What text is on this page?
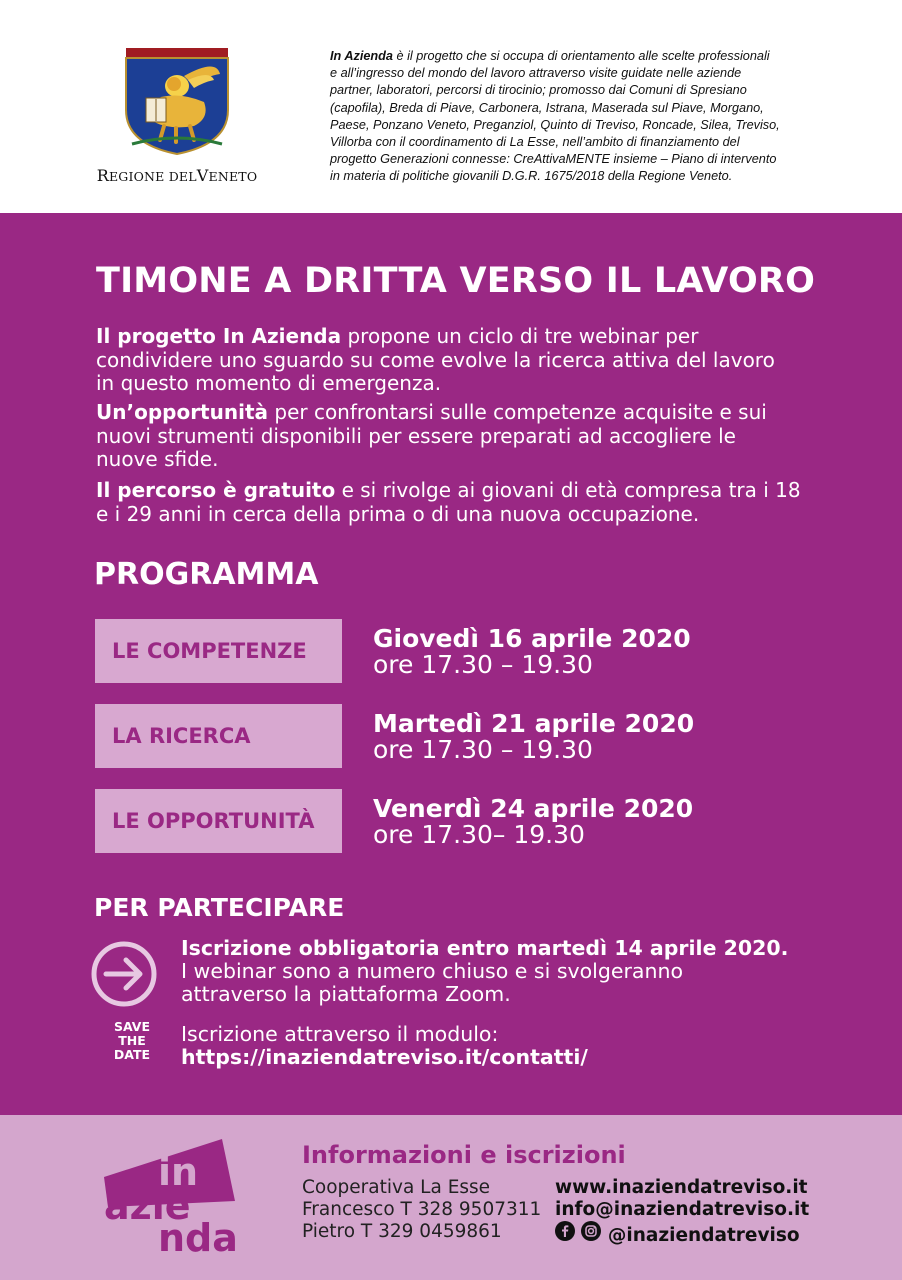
REGIONE DELVENETO
In Azienda è il progetto che si occupa di orientamento alle scelte professionali
e all’ingresso del mondo del lavoro attraverso visite guidate nelle aziende
partner, laboratori, percorsi di tirocinio; promosso dai Comuni di Spresiano
(capofila), Breda di Piave, Carbonera, Istrana, Maserada sul Piave, Morgano,
Paese, Ponzano Veneto, Preganziol, Quinto di Treviso, Roncade, Silea, Treviso,
Villorba con il coordinamento di La Esse, nell’ambito di finanziamento del
progetto Generazioni connesse: CreAttivaMENTE insieme – Piano di intervento
in materia di politiche giovanili D.G.R. 1675/2018 della Regione Veneto.
TIMONE A DRITTA VERSO IL LAVORO

Il progetto In Azienda propone un ciclo di tre webinar per
condividere uno sguardo su come evolve la ricerca attiva del lavoro
in questo momento di emergenza.

Un’opportunità per confrontarsi sulle competenze acquisite e sui
nuovi strumenti disponibili per essere preparati ad accogliere le
nuove sfide.

Il percorso è gratuito e si rivolge ai giovani di età compresa tra i 18
e i 29 anni in cerca della prima o di una nuova occupazione.

PROGRAMMA
LE COMPETENZE	Giovedì 16 aprile 2020
ore 17.30 – 19.30
LA RICERCA	Martedì 21 aprile 2020
ore 17.30 – 19.30
LE OPPORTUNITÀ	Venerdì 24 aprile 2020
ore 17.30– 19.30
PER PARTECIPARE
SAVE
THE
DATE
Iscrizione obbligatoria entro martedì 14 aprile 2020.
I webinar sono a numero chiuso e si svolgeranno
attraverso la piattaforma Zoom.
Iscrizione attraverso il modulo:
https://inaziendatreviso.it/contatti/
in
azie
nda
Informazioni e iscrizioni
Cooperativa La Esse
Francesco T 328 9507311
Pietro T 329 0459861
www.inaziendatreviso.it
info@inaziendatreviso.it
@inaziendatreviso
